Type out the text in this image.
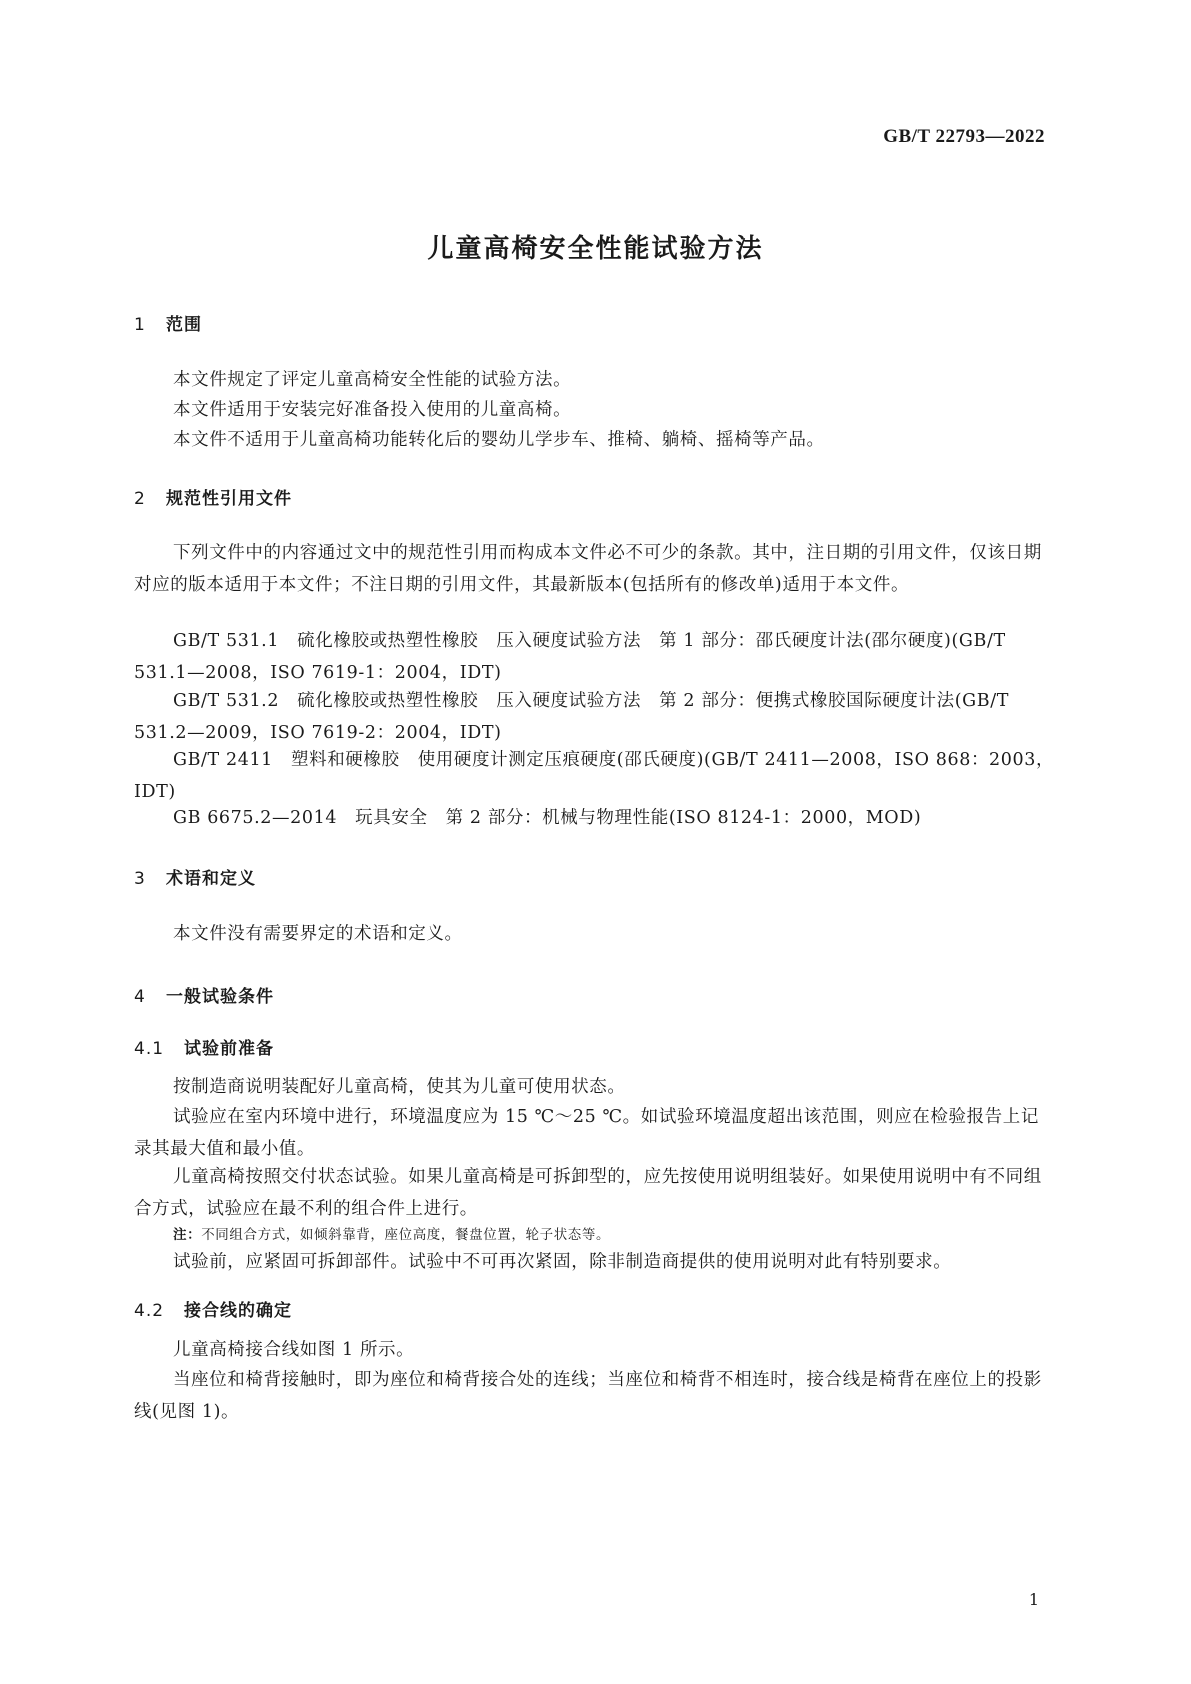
GB/T 22793—2022
儿童高椅安全性能试验方法
1 范围
本文件规定了评定儿童高椅安全性能的试验方法。
本文件适用于安装完好准备投入使用的儿童高椅。
本文件不适用于儿童高椅功能转化后的婴幼儿学步车、推椅、躺椅、摇椅等产品。
2 规范性引用文件
下列文件中的内容通过文中的规范性引用而构成本文件必不可少的条款。其中，注日期的引用文件，仅该日期对应的版本适用于本文件；不注日期的引用文件，其最新版本(包括所有的修改单)适用于本文件。
GB/T 531.1　硫化橡胶或热塑性橡胶　压入硬度试验方法　第 1 部分：邵氏硬度计法(邵尔硬度)(GB/T 531.1—2008，ISO 7619-1：2004，IDT)
GB/T 531.2　硫化橡胶或热塑性橡胶　压入硬度试验方法　第 2 部分：便携式橡胶国际硬度计法(GB/T 531.2—2009，ISO 7619-2：2004，IDT)
GB/T 2411　塑料和硬橡胶　使用硬度计测定压痕硬度(邵氏硬度)(GB/T 2411—2008，ISO 868：2003，IDT)
GB 6675.2—2014　玩具安全　第 2 部分：机械与物理性能(ISO 8124-1：2000，MOD)
3 术语和定义
本文件没有需要界定的术语和定义。
4 一般试验条件
4.1 试验前准备
按制造商说明装配好儿童高椅，使其为儿童可使用状态。
试验应在室内环境中进行，环境温度应为 15 ℃～25 ℃。如试验环境温度超出该范围，则应在检验报告上记录其最大值和最小值。
儿童高椅按照交付状态试验。如果儿童高椅是可拆卸型的，应先按使用说明组装好。如果使用说明中有不同组合方式，试验应在最不利的组合件上进行。
注：不同组合方式，如倾斜靠背，座位高度，餐盘位置，轮子状态等。
试验前，应紧固可拆卸部件。试验中不可再次紧固，除非制造商提供的使用说明对此有特别要求。
4.2 接合线的确定
儿童高椅接合线如图 1 所示。
当座位和椅背接触时，即为座位和椅背接合处的连线；当座位和椅背不相连时，接合线是椅背在座位上的投影线(见图 1)。
1
